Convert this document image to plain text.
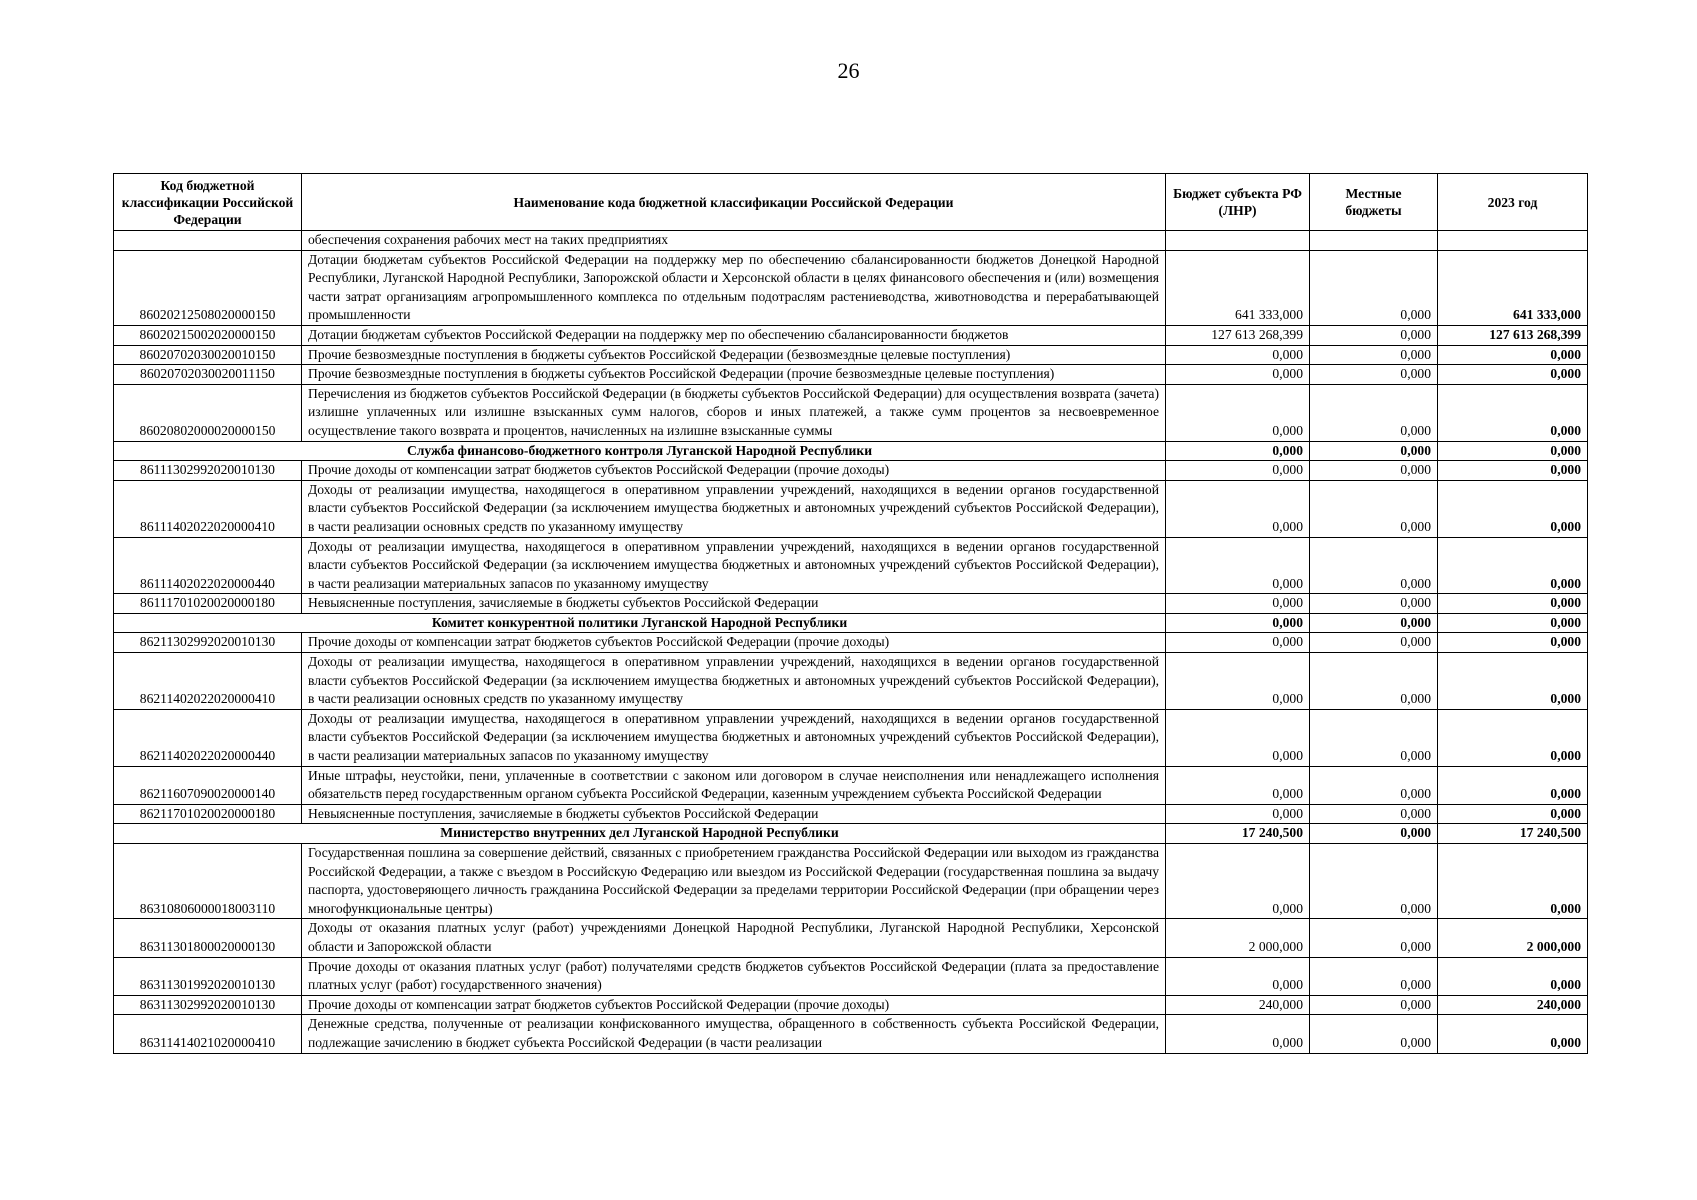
26
Код бюджетной классификации Российской Федерации	Наименование кода бюджетной классификации Российской Федерации	Бюджет субъекта РФ (ЛНР)	Местные бюджеты	2023 год
	обеспечения сохранения рабочих мест на таких предприятиях			
86020212508020000150	Дотации бюджетам субъектов Российской Федерации на поддержку мер по обеспечению сбалансированности бюджетов Донецкой Народной Республики, Луганской Народной Республики, Запорожской области и Херсонской области в целях финансового обеспечения и (или) возмещения части затрат организациям агропромышленного комплекса по отдельным подотраслям растениеводства, животноводства и перерабатывающей промышленности	641 333,000	0,000	641 333,000
86020215002020000150	Дотации бюджетам субъектов Российской Федерации на поддержку мер по обеспечению сбалансированности бюджетов	127 613 268,399	0,000	127 613 268,399
86020702030020010150	Прочие безвозмездные поступления в бюджеты субъектов Российской Федерации (безвозмездные целевые поступления)	0,000	0,000	0,000
86020702030020011150	Прочие безвозмездные поступления в бюджеты субъектов Российской Федерации (прочие безвозмездные целевые поступления)	0,000	0,000	0,000
86020802000020000150	Перечисления из бюджетов субъектов Российской Федерации (в бюджеты субъектов Российской Федерации) для осуществления возврата (зачета) излишне уплаченных или излишне взысканных сумм налогов, сборов и иных платежей, а также сумм процентов за несвоевременное осуществление такого возврата и процентов, начисленных на излишне взысканные суммы	0,000	0,000	0,000
Служба финансово-бюджетного контроля Луганской Народной Республики		0,000	0,000	0,000
86111302992020010130	Прочие доходы от компенсации затрат бюджетов субъектов Российской Федерации (прочие доходы)	0,000	0,000	0,000
86111402022020000410	Доходы от реализации имущества, находящегося в оперативном управлении учреждений, находящихся в ведении органов государственной власти субъектов Российской Федерации (за исключением имущества бюджетных и автономных учреждений субъектов Российской Федерации), в части реализации основных средств по указанному имуществу	0,000	0,000	0,000
86111402022020000440	Доходы от реализации имущества, находящегося в оперативном управлении учреждений, находящихся в ведении органов государственной власти субъектов Российской Федерации (за исключением имущества бюджетных и автономных учреждений субъектов Российской Федерации), в части реализации материальных запасов по указанному имуществу	0,000	0,000	0,000
86111701020020000180	Невыясненные поступления, зачисляемые в бюджеты субъектов Российской Федерации	0,000	0,000	0,000
Комитет конкурентной политики Луганской Народной Республики		0,000	0,000	0,000
86211302992020010130	Прочие доходы от компенсации затрат бюджетов субъектов Российской Федерации (прочие доходы)	0,000	0,000	0,000
86211402022020000410	Доходы от реализации имущества, находящегося в оперативном управлении учреждений, находящихся в ведении органов государственной власти субъектов Российской Федерации (за исключением имущества бюджетных и автономных учреждений субъектов Российской Федерации), в части реализации основных средств по указанному имуществу	0,000	0,000	0,000
86211402022020000440	Доходы от реализации имущества, находящегося в оперативном управлении учреждений, находящихся в ведении органов государственной власти субъектов Российской Федерации (за исключением имущества бюджетных и автономных учреждений субъектов Российской Федерации), в части реализации материальных запасов по указанному имуществу	0,000	0,000	0,000
86211607090020000140	Иные штрафы, неустойки, пени, уплаченные в соответствии с законом или договором в случае неисполнения или ненадлежащего исполнения обязательств перед государственным органом субъекта Российской Федерации, казенным учреждением субъекта Российской Федерации	0,000	0,000	0,000
86211701020020000180	Невыясненные поступления, зачисляемые в бюджеты субъектов Российской Федерации	0,000	0,000	0,000
Министерство внутренних дел Луганской Народной Республики		17 240,500	0,000	17 240,500
86310806000018003110	Государственная пошлина за совершение действий, связанных с приобретением гражданства Российской Федерации или выходом из гражданства Российской Федерации, а также с въездом в Российскую Федерацию или выездом из Российской Федерации (государственная пошлина за выдачу паспорта, удостоверяющего личность гражданина Российской Федерации за пределами территории Российской Федерации (при обращении через многофункциональные центры)	0,000	0,000	0,000
86311301800020000130	Доходы от оказания платных услуг (работ) учреждениями Донецкой Народной Республики, Луганской Народной Республики, Херсонской области и Запорожской области	2 000,000	0,000	2 000,000
86311301992020010130	Прочие доходы от оказания платных услуг (работ) получателями средств бюджетов субъектов Российской Федерации (плата за предоставление платных услуг (работ) государственного значения)	0,000	0,000	0,000
86311302992020010130	Прочие доходы от компенсации затрат бюджетов субъектов Российской Федерации (прочие доходы)	240,000	0,000	240,000
86311414021020000410	Денежные средства, полученные от реализации конфискованного имущества, обращенного в собственность субъекта Российской Федерации, подлежащие зачислению в бюджет субъекта Российской Федерации (в части реализации	0,000	0,000	0,000
